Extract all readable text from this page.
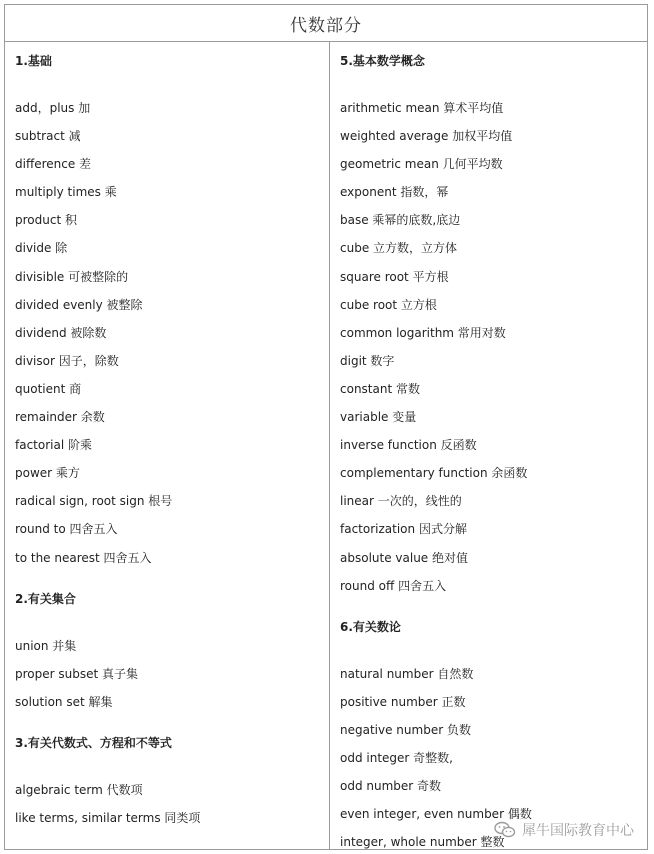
代数部分
1.基础
add，plus 加
subtract 减
difference 差
multiply times 乘
product 积
divide 除
divisible 可被整除的
divided evenly 被整除
dividend 被除数
divisor 因子，除数
quotient 商
remainder 余数
factorial 阶乘
power 乘方
radical sign, root sign 根号
round to 四舍五入
to the nearest 四舍五入
2.有关集合
union 并集
proper subset 真子集
solution set 解集
3.有关代数式、方程和不等式
algebraic term 代数项
like terms, similar terms 同类项
5.基本数学概念
arithmetic mean 算术平均值
weighted average 加权平均值
geometric mean 几何平均数
exponent 指数，幂
base 乘幂的底数,底边
cube 立方数，立方体
square root 平方根
cube root 立方根
common logarithm 常用对数
digit 数字
constant 常数
variable 变量
inverse function 反函数
complementary function 余函数
linear 一次的，线性的
factorization 因式分解
absolute value 绝对值
round off 四舍五入
6.有关数论
natural number 自然数
positive number 正数
negative number 负数
odd integer 奇整数,
odd number 奇数
even integer, even number 偶数
integer, whole number 整数
犀牛国际教育中心
